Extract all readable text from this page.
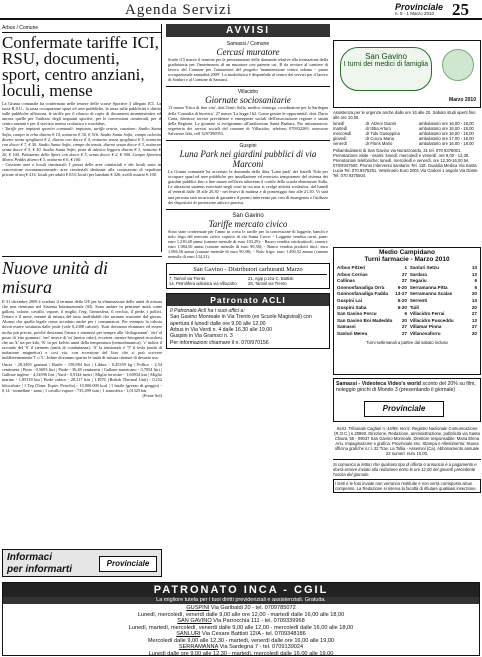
Agenda Servizi	Provinciale
n. 5 - 1 Marzo 2010 25
Arbus / Comune
Confermate tariffe ICI, RSU, documenti, sport, centro anziani, loculi, mense

La Giunta comunale ha confermato nelle tessere delle scorse Sportive 3 allegato ICI. La tassa R.S.U., la tassa occupazione spazi ed aree pubbliche, la tassa sulla pubblicità e diritto sulle pubbliche affissioni, le tariffe per il rilascio di copie di documenti amministrativi ed ancora quelle per l'utilizzo degli impianti sportivi, per le concessioni cimiteriali, per il centro anziani e per il servizio mensa scolastica e scuolabus.

- Tariffe per impianti sportivi comunali: impianto, tariffa oraria, cauzione: Stadio Santa Sofia, campo in erba diurno € 10, notturno € 30, € 516. Stadio Santa Sofia, campo calcetto diurno senza spogliatoi € 2, diurno con docce € 4, notturno senza spogliatoi € 5, notturno con docce € 7, € 50. Stadio Santa Sofia, campo da tennis, diurno senza docce € 3, notturno senza docce € 5, € 50. Stadio Santa Sofia, pista di atletica leggera diurno € 1, notturno € 20, € 100. Palazzetto dello Sport con docce € 5, senza docce € 2, € 500. Campo Sportivo Marco Peddis diurno € 3, notturno € 6, € 100.

- Cessione aree e loculi cimiteriali: I prezzi delle aree cimiteriali e dei loculi sono in concessione novantanovennale: aree cimiteriali destinate alla costruzione di sepolture private al mq € 413; loculi per adulti € 653; loculi per bambini € 326; avelli ossario € 100.

Nuove unità di misura

Il 31 dicembre 2009 è scaduto il termine della UE per la eliminazione delle unità di misura che non rientrano nel Sistema Internazionale (SI). Sono andate in pensione unità come galloni, calorie, cavallo, vapore, il miglio, l'erg, l'atmosfera, il cerchio, il piede, i pollici, l'ettaro e il mese, mentre di misura del tutto inaffidabili che saranno sostituite dal giorno. Alcuno che quella legale come accaduto anche per i consumatori. Per esempio la caloria dovrà essere sostituita dalle joule (vale 0,2388 calorie). Tutti dovranno eliminare ed essere molto più precisi, poiché dovranno l'ettaro e attenersi per sempre alle 'chilogrammi', 'etti' al posto di 'etto grammo', 'nei' invece di 'm' (metro cubo), eccetera, mentre bisognerà ricordarsi che un 'k' sta per kilo, 'K' in per kelvin unità della temperatura (termodinamica), 'v' indica il secondo del 'S' il siemens (unità di conduttanza), 'A' la tensionale e 'T' il tesla (unità di induzione magnetica) e così via, con eccezione del litro che si può scrivere indifferentemente 'l' o 'L'. Infine dovranno sparire le unità di misura ritenute di desueto uso.

Oncia - 28,3495 grammi | Barile - 158,984 litri | Libbra - 0,45359 kg | Pollice - 2,54 centimetri | Pinta - 0,5683 litri | Piede - 30,48 centimetri | Gallone americano - 3,7854 litri | Gallone inglese - 4,54596 litri | Yard - 0,9144 metri | Miglio terrestre - 1,60934 km | Miglio marino - 1,85318 km | Piede cubico - 28,317 litri | 1 BTU (British Thermal Unit) - 0,252 kilocalorie | 1 Tep (Tonn. Equiv. Petrolio) - 10.000.000 kcal | 1 barile (grezzo di greggio) - 0,14 - tonnellate - anno | 1 cavallo vapore - 735,499 watt | 1 atmosfera - 1,01325 bar

(Fonte Sol)

Informaci
per informarti
Provinciale
AVVISI
Samassi / Comune
Cercasi muratore

Scade il 5 marzo il termine per la presentazione delle domande relative alla formazione della graduatoria per l'inserimento di un muratore con patente cat. B da avviare al cantiere di lavoro del Comune per l'attuazione del progetto 'manutenzione centro urbano - piano occupazionale annualità 2009'. La modulistica è disponibile al centro dei servizi per il lavoro di Sanluri e al Comune di Samassi.

Villacidro
Giornate sociosanitarie

13 marzo 'Etica di fine vita', dott.Tonio Solla, medico chirurgo, coordinatore per la Sardegna della 'Consulta di bioetica'. 27 marzo 'La legge 162. Come gestire le opportunità', dott. Dario Carta, direttore servizi previdenze e emergenze sociali dell'associazione regione e sanità della Regione. Le giornate si svolgeranno all'auditorium Santa Barbara. Per informazioni: segreteria dei servizi sociali del comune di Villacidro, telefono 070932269, assessore Salvatore Izbi, cell 3297390953.

Guspini
Luna Park nei giardini pubblici di via Marconi

La Giunta comunale ha accertato la domanda della ditta 'Luna park' dei fratelli Tidu per occupare spazi ed aree pubbliche per installazione ed esercizio temporaneo del sistema dei giardini pubblici fino a fine marzo nell'area adiacente il cortile della scuola elementare Sulla. Le attrazioni saranno esercitate negli orari in cui non si svolge attività scolastica, dal lunedì al venerdì dalle 18 alle 20,30 - nei festivi di mattina e di pomeriggio fino alle 21,30. Vi sarà una persona sarà incaricata di garantire il pronto intervento per casi di emergenza e l'utilizzo dei dispositivi di protezione attiva e passiva.

San Gavino
Tariffe mercato civico

Sono state confermate per l'anno in corso le tariffe per la concessione di loggette, banchi e nolo frigo del mercato civico coperto di via Santa Croce: - Loggette vendita carni, pane: euro 1.239,48 annui (canone mensile di euro 103,29); - Banco vendita ortofrutticoli, caseari: euro 1.084,56 annui (canone mensile di euro 90,38); - Banco vendita prodotti ittici: euro 1.084,56 annui (canone mensile di euro 90,38); - Nolo frigo: euro 1.490,52 annuo (canone mensile di euro 124,21).

San Gavino - Distributori carburanti Marzo
7, Tamoil via Trento
14, Petrolifera adriatica via Villacidro
21, Agip p.zza C. Battisti
28, Tamoil via Trento
Patronato ACLI
Il Patronato Acli ha i suoi uffici a:
San Gavino Monreale in Via Trento (ex Scuole Magistrali) con apertura il lunedì dalle ore 9,00 alle 12,00
Arbus in Via Verdi n. 4 dalle 16,30 alle 19,00
Guspini in Via Gramsci n. 3
Per informazioni chiamare il n. 070/970156
San Gavino
I turni dei medici di famiglia
Marzo 2010

Assistenza per le urgenze anche dalle ore 16 alle 20. Sabato studi aperti fino alle ore 10,00.

lunedì	dr. Atzeni Gianni	ambulatorio ore 16,00 - 18,00
martedì	dr Ibba Arturo	ambulatorio ore 16,00 - 18,00
mercoledì	dr Tidu Guseppina	ambulatorio ore 16,00 - 18,00
giovedì	dr Cuccu Maria	ambulatorio ore 17,00 - 18,00
venerdì	dr Floris Mario	ambulatorio ore 16,00 - 18,00

Poliambulatorio di San Gavino via Nurazzoardu, 31 tel. 070 9376001. Prenotazione visite - esami: lunedì, mercoledì e venerdì, ore 9,00 - 12,30. Prenotazioni telefoniche: lunedì, mercoledì e venerdì, ore 12,30-16,00 tel. 070/9347500. Pronto Intervento sanitario: Tel. 118. Guardia Medica Via Santa Lucia Tel. 070.9375251. Veterinario Euro 2001 Via Godoni 1 angolo Via Dante Tel. 070 9375504.

Medio Campidano
Turni farmacie - Marzo 2010
Arbus Pitzeri	1
Arbus Corrias	27
Collinas	27
Gonnosfanadiga Orrù	6-20
Gonnosfanadiga Fadda 13-27
Guspini Lai	6-20
Guspini Saba	6-20
San Gavino Porcu	6
San Gavino Boi Madeddu 20
Samassi	27
Sanluri Mereu	27
Sanluri Setzu	13
Sardara	13
Segariu	6
Serramanna Pitta	6
Serramanna Scalas	20
Serrenti	13
Tuili	20
Villacidro Ferrai	27
Villacidro Pusceddu	13
Villamar Pinna	27
Villanovaforru	20
Turni settimanali a partire dal sabato incluso
Samassi - Videoteca Video's world sconto del 20% su film, noleggio giochi di Mondo 3 (presentando il giornale)
Provinciale

Iscriz. Tribunale Cagliari n. 44/99. Iscriz. Registro Nazionale Comunicazione (R.O.C.) n.20860. Direzione, Redazione, amministrazione, pubblicità via Santa Chiara, 55 - 09037 San Gavino Monreale. Direttore responsabile: Maria Elena Ariu. Impaginazione e grafica: Provinciale snc. Stampa e Allestimento: Nuova officina grafiche s.r.l. 22 Trav. La Tollia - Assemini (Ca). Abbonamento annuale 22 numeri: euro 10,00.

Si comunica ai lettori che qualsiasi tipo di offerta o annuncio è a pagamento e dovrà essere inviato alla redazione entro le ore 12,00 del giovedì precedente l'uscita del giornale.

I testi e le foto inviate non verranno restituite e non verrà corrisposto alcun compenso. La Redazione si riserva la facoltà di rifiutare qualsiasi inserzione.

PATRONATO INCA - CGIL
La migliore tutela per i tuoi diritti previdenziali e assistenziali. Gratuita.
GUSPINI Via Garibaldi 20 - tel. 0709785072
Lunedì, mercoledì, venerdì dalle 9,00 alle ore 12,00 - martedì dalle 16,00 alle 18,00
SAN GAVINO Via Parrocchia 111 - tel. 0709339968
Lunedì, martedì, mercoledì, venerdì dalle 9,00 alle 12,00 - mercoledì dalle 16,00 alle 18,00
SANLURI Via Cesare Battisti 12/A - tel. 0709348186
Mercoledì dalle 9,00 alle 12,30 - martedì, venerdì dalle ore 16,00 alle 19,00
SERRAMANNA Via Sardegna 7 - tel. 0709139024
Lunedì dalle ore 9,00 alle 12,30 - martedì, mercoledì dalle 16,00 alle 19,00
